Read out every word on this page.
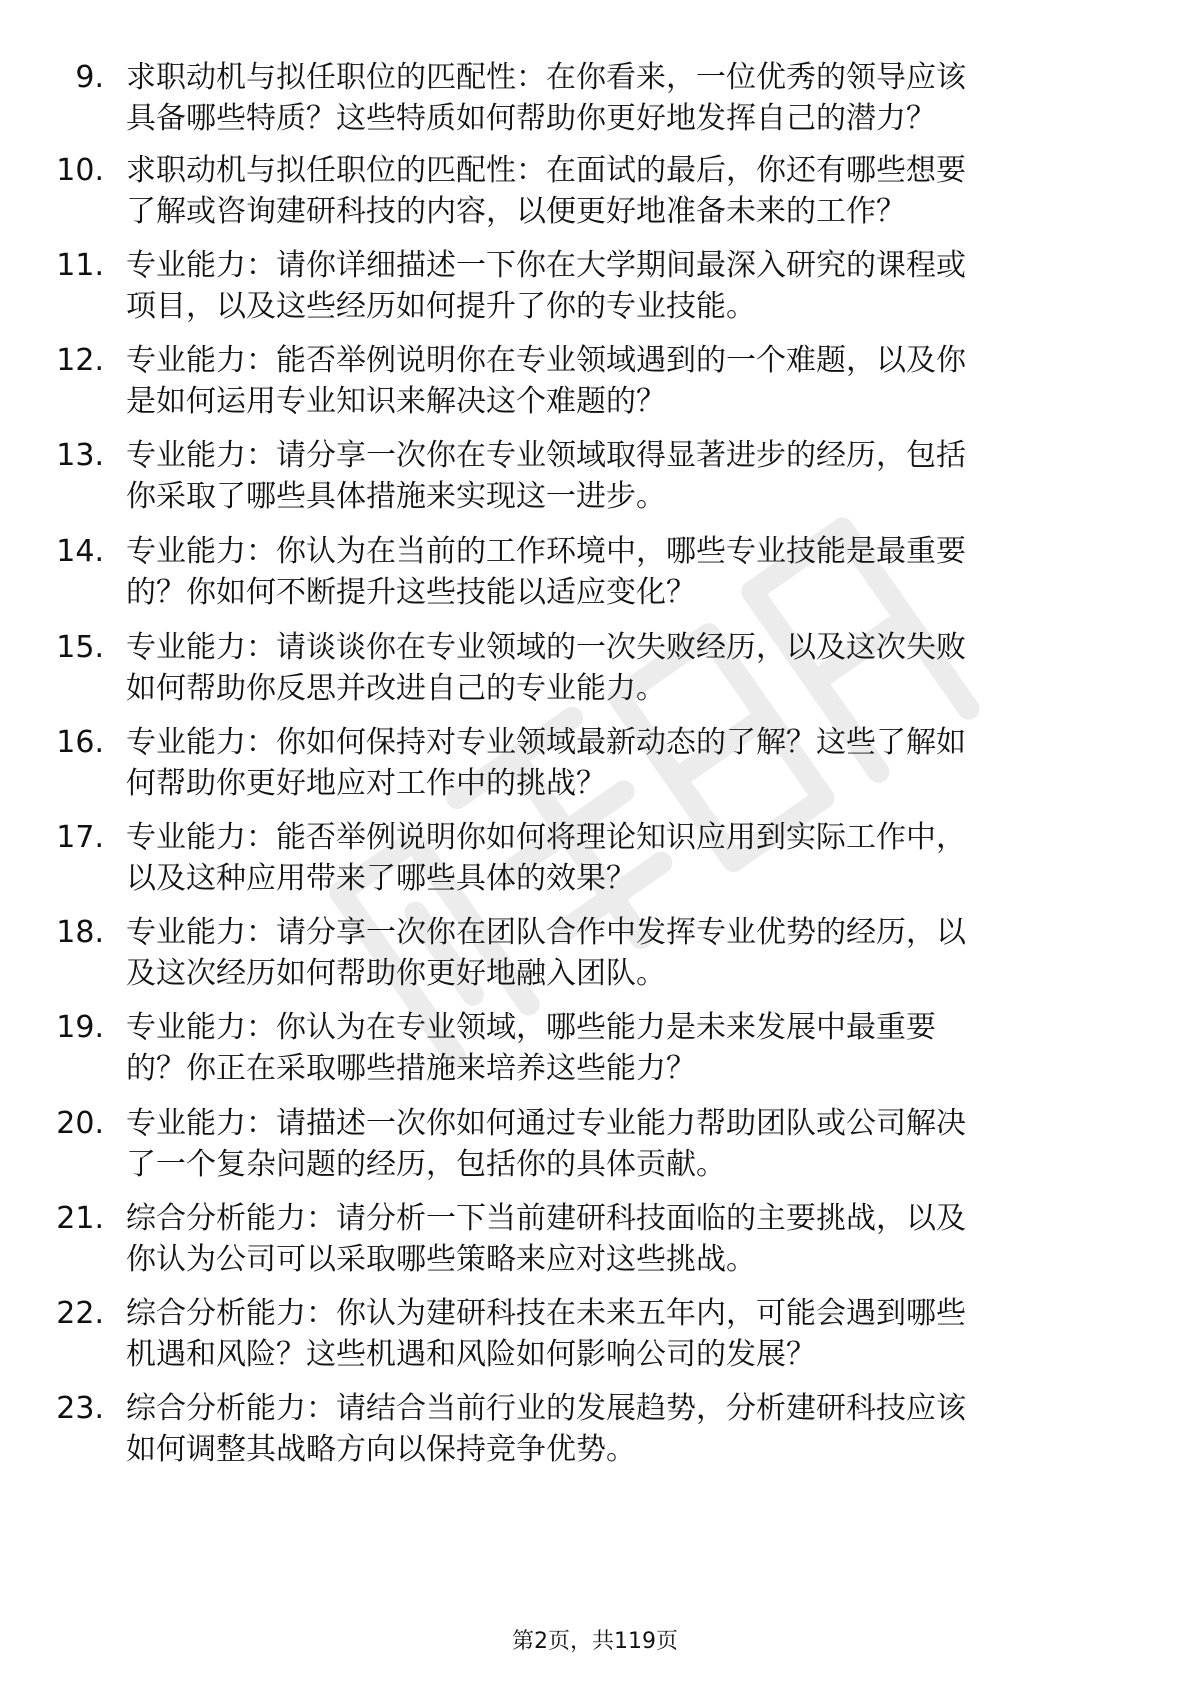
9. 求职动机与拟任职位的匹配性：在你看来，一位优秀的领导应该
具备哪些特质？这些特质如何帮助你更好地发挥自己的潜力？
10. 求职动机与拟任职位的匹配性：在面试的最后，你还有哪些想要
了解或咨询建研科技的内容，以便更好地准备未来的工作？
11. 专业能力：请你详细描述一下你在大学期间最深入研究的课程或
项目，以及这些经历如何提升了你的专业技能。
12. 专业能力：能否举例说明你在专业领域遇到的一个难题，以及你
是如何运用专业知识来解决这个难题的？
13. 专业能力：请分享一次你在专业领域取得显著进步的经历，包括
你采取了哪些具体措施来实现这一进步。
14. 专业能力：你认为在当前的工作环境中，哪些专业技能是最重要
的？你如何不断提升这些技能以适应变化？
15. 专业能力：请谈谈你在专业领域的一次失败经历，以及这次失败
如何帮助你反思并改进自己的专业能力。
16. 专业能力：你如何保持对专业领域最新动态的了解？这些了解如
何帮助你更好地应对工作中的挑战？
17. 专业能力：能否举例说明你如何将理论知识应用到实际工作中，
以及这种应用带来了哪些具体的效果？
18. 专业能力：请分享一次你在团队合作中发挥专业优势的经历，以
及这次经历如何帮助你更好地融入团队。
19. 专业能力：你认为在专业领域，哪些能力是未来发展中最重要
的？你正在采取哪些措施来培养这些能力？
20. 专业能力：请描述一次你如何通过专业能力帮助团队或公司解决
了一个复杂问题的经历，包括你的具体贡献。
21. 综合分析能力：请分析一下当前建研科技面临的主要挑战，以及
你认为公司可以采取哪些策略来应对这些挑战。
22. 综合分析能力：你认为建研科技在未来五年内，可能会遇到哪些
机遇和风险？这些机遇和风险如何影响公司的发展？
23. 综合分析能力：请结合当前行业的发展趋势，分析建研科技应该
如何调整其战略方向以保持竞争优势。
第2页，共119页
